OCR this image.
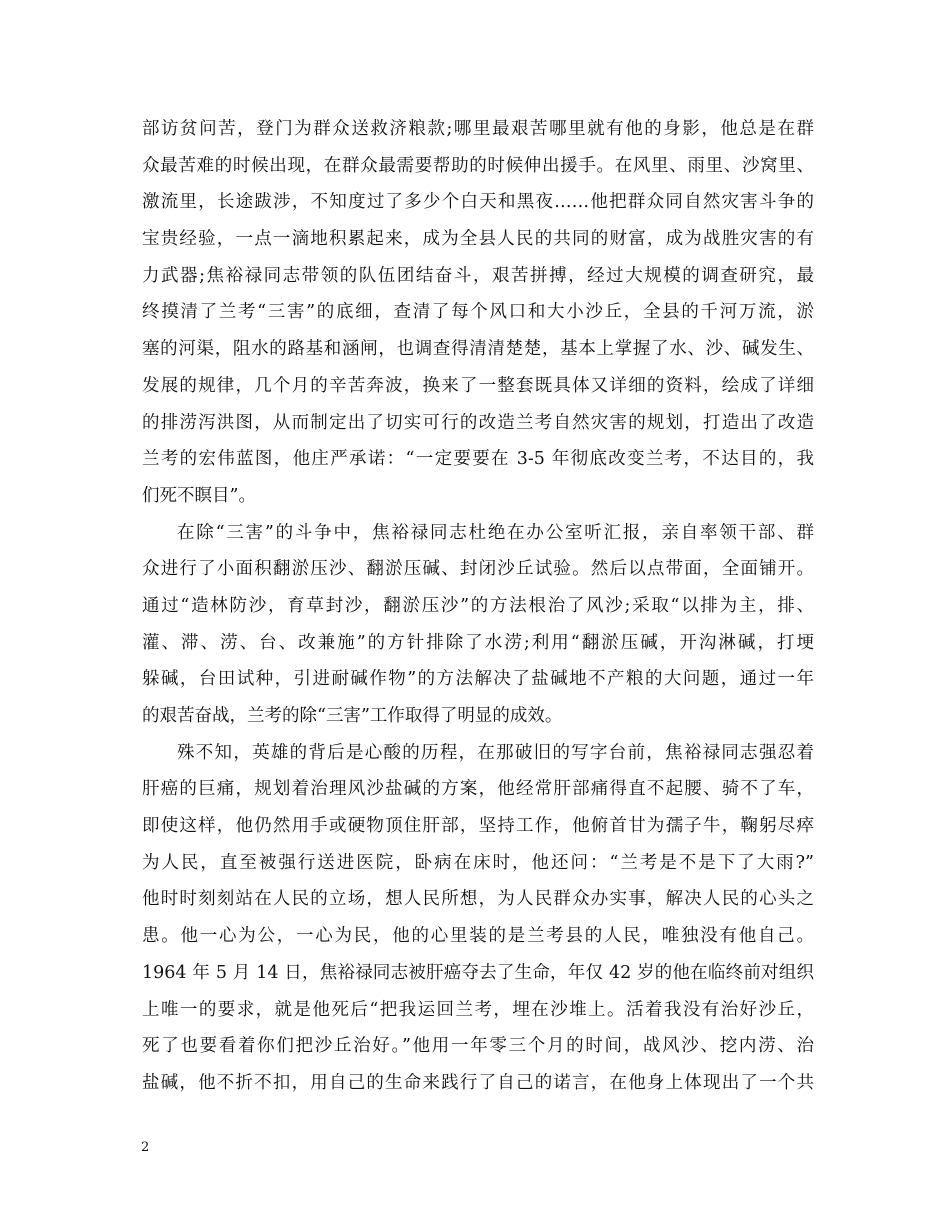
部访贫问苦，登门为群众送救济粮款;哪里最艰苦哪里就有他的身影，他总是在群
众最苦难的时候出现，在群众最需要帮助的时候伸出援手。在风里、雨里、沙窝里、
激流里，长途跋涉，不知度过了多少个白天和黑夜……他把群众同自然灾害斗争的
宝贵经验，一点一滴地积累起来，成为全县人民的共同的财富，成为战胜灾害的有
力武器;焦裕禄同志带领的队伍团结奋斗，艰苦拼搏，经过大规模的调查研究，最
终摸清了兰考“三害”的底细，查清了每个风口和大小沙丘，全县的千河万流，淤
塞的河渠，阻水的路基和涵闸，也调查得清清楚楚，基本上掌握了水、沙、碱发生、
发展的规律，几个月的辛苦奔波，换来了一整套既具体又详细的资料，绘成了详细
的排涝泻洪图，从而制定出了切实可行的改造兰考自然灾害的规划，打造出了改造
兰考的宏伟蓝图，他庄严承诺：“一定要要在 3-5 年彻底改变兰考，不达目的，我
们死不瞑目”。
在除“三害”的斗争中，焦裕禄同志杜绝在办公室听汇报，亲自率领干部、群
众进行了小面积翻淤压沙、翻淤压碱、封闭沙丘试验。然后以点带面，全面铺开。
通过“造林防沙，育草封沙，翻淤压沙”的方法根治了风沙;采取“以排为主，排、
灌、滞、涝、台、改兼施”的方针排除了水涝;利用“翻淤压碱，开沟淋碱，打埂
躲碱，台田试种，引进耐碱作物”的方法解决了盐碱地不产粮的大问题，通过一年
的艰苦奋战，兰考的除“三害”工作取得了明显的成效。
殊不知，英雄的背后是心酸的历程，在那破旧的写字台前，焦裕禄同志强忍着
肝癌的巨痛，规划着治理风沙盐碱的方案，他经常肝部痛得直不起腰、骑不了车，
即使这样，他仍然用手或硬物顶住肝部，坚持工作，他俯首甘为孺子牛，鞠躬尽瘁
为人民，直至被强行送进医院，卧病在床时，他还问：“兰考是不是下了大雨?”
他时时刻刻站在人民的立场，想人民所想，为人民群众办实事，解决人民的心头之
患。他一心为公，一心为民，他的心里装的是兰考县的人民，唯独没有他自己。
1964 年 5 月 14 日，焦裕禄同志被肝癌夺去了生命，年仅 42 岁的他在临终前对组织
上唯一的要求，就是他死后“把我运回兰考，埋在沙堆上。活着我没有治好沙丘，
死了也要看着你们把沙丘治好。”他用一年零三个月的时间，战风沙、挖内涝、治
盐碱，他不折不扣，用自己的生命来践行了自己的诺言，在他身上体现出了一个共
2
